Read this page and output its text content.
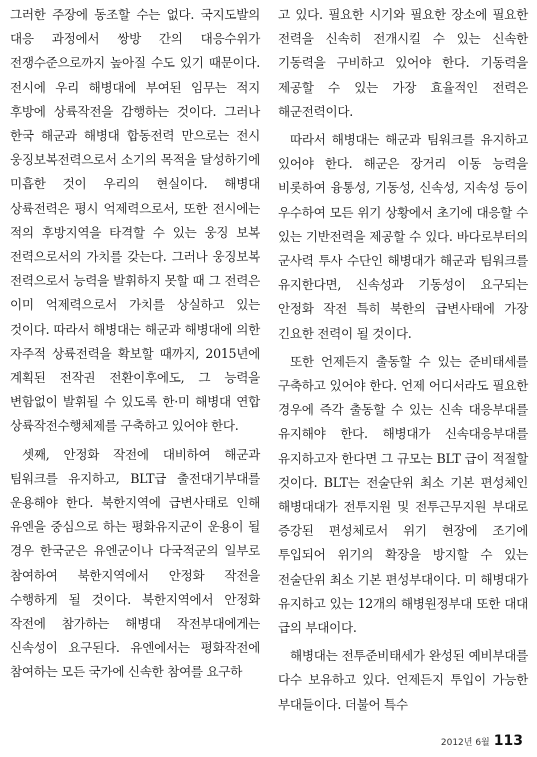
그러한 주장에 동조할 수는 없다. 국지도발의 대응 과정에서 쌍방 간의 대응수위가 전쟁수준으로까지 높아질 수도 있기 때문이다. 전시에 우리 해병대에 부여된 임무는 적지 후방에 상륙작전을 감행하는 것이다. 그러나 한국 해군과 해병대 합동전력 만으로는 전시 웅징보복전력으로서 소기의 목적을 달성하기에 미흡한 것이 우리의 현실이다. 해병대 상륙전력은 평시 억제력으로서, 또한 전시에는 적의 후방지역을 타격할 수 있는 웅징 보복 전력으로서의 가치를 갖는다. 그러나 웅징보복 전력으로서 능력을 발휘하지 못할 때 그 전력은 이미 억제력으로서 가치를 상실하고 있는 것이다. 따라서 해병대는 해군과 해병대에 의한 자주적 상륙전력을 확보할 때까지, 2015년에 계획된 전작권 전환이후에도, 그 능력을 변함없이 발휘될 수 있도록 한·미 해병대 연합 상륙작전수행체제를 구축하고 있어야 한다.

셋째, 안정화 작전에 대비하여 해군과 팀워크를 유지하고, BLT급 출전대기부대를 운용해야 한다. 북한지역에 급변사태로 인해 유엔을 중심으로 하는 평화유지군이 운용이 될 경우 한국군은 유엔군이나 다국적군의 일부로 참여하여 북한지역에서 안정화 작전을 수행하게 될 것이다. 북한지역에서 안정화 작전에 참가하는 해병대 작전부대에게는 신속성이 요구된다. 유엔에서는 평화작전에 참여하는 모든 국가에 신속한 참여를 요구하

고 있다. 필요한 시기와 필요한 장소에 필요한 전력을 신속히 전개시킬 수 있는 신속한 기동력을 구비하고 있어야 한다. 기동력을 제공할 수 있는 가장 효율적인 전력은 해군전력이다.

따라서 해병대는 해군과 팀워크를 유지하고 있어야 한다. 해군은 장거리 이동 능력을 비롯하여 융통성, 기동성, 신속성, 지속성 등이 우수하여 모든 위기 상황에서 초기에 대응할 수 있는 기반전력을 제공할 수 있다. 바다로부터의 군사력 투사 수단인 해병대가 해군과 팀워크를 유지한다면, 신속성과 기동성이 요구되는 안정화 작전 특히 북한의 급변사태에 가장 긴요한 전력이 될 것이다.

또한 언제든지 출동할 수 있는 준비태세를 구축하고 있어야 한다. 언제 어디서라도 필요한 경우에 즉각 출동할 수 있는 신속 대응부대를 유지해야 한다. 해병대가 신속대응부대를 유지하고자 한다면 그 규모는 BLT 급이 적절할 것이다. BLT는 전술단위 최소 기본 편성체인 해병대대가 전투지원 및 전투근무지원 부대로 증강된 편성체로서 위기 현장에 조기에 투입되어 위기의 확장을 방지할 수 있는 전술단위 최소 기본 편성부대이다. 미 해병대가 유지하고 있는 12개의 해병원정부대 또한 대대 급의 부대이다.

해병대는 전투준비태세가 완성된 예비부대를 다수 보유하고 있다. 언제든지 투입이 가능한 부대들이다. 더불어 특수

2012년 6월 113
